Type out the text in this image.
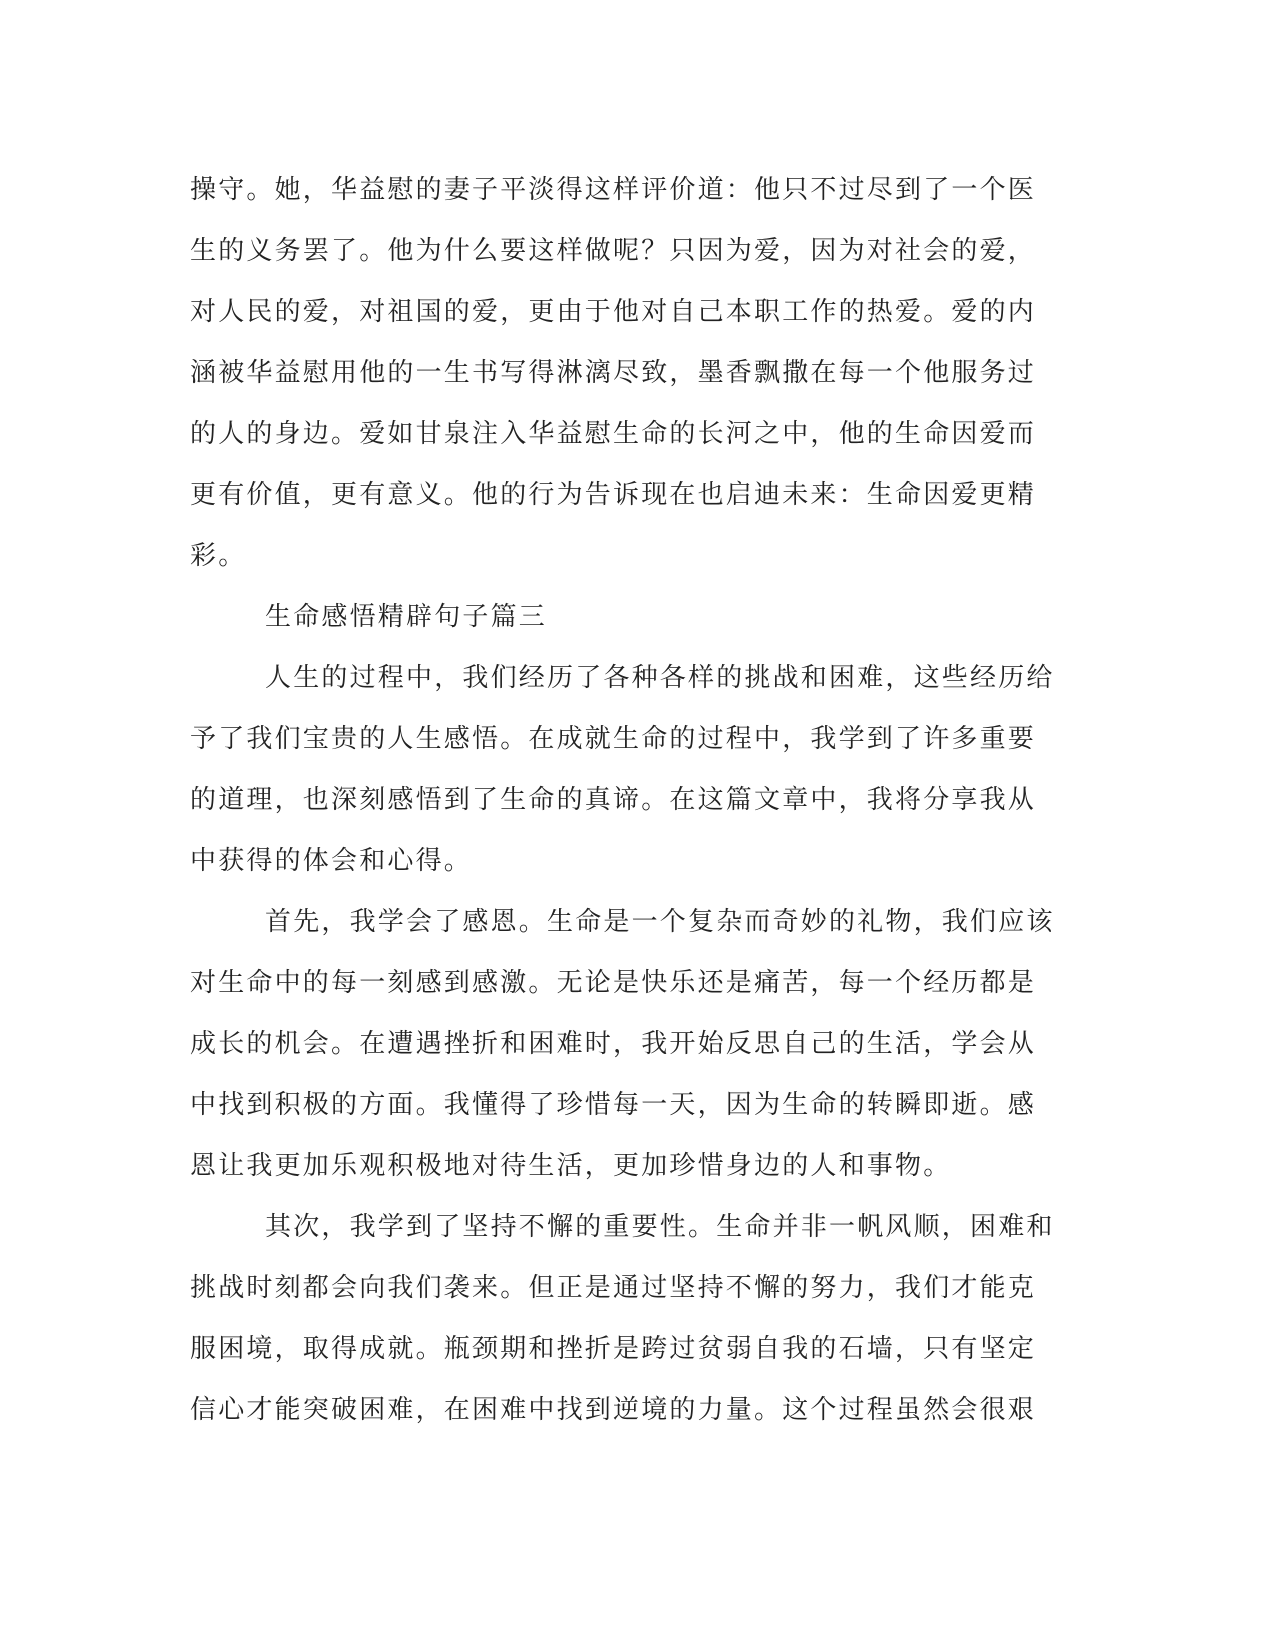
操守。她，华益慰的妻子平淡得这样评价道：他只不过尽到了一个医
生的义务罢了。他为什么要这样做呢？只因为爱，因为对社会的爱，
对人民的爱，对祖国的爱，更由于他对自己本职工作的热爱。爱的内
涵被华益慰用他的一生书写得淋漓尽致，墨香飘撒在每一个他服务过
的人的身边。爱如甘泉注入华益慰生命的长河之中，他的生命因爱而
更有价值，更有意义。他的行为告诉现在也启迪未来：生命因爱更精
彩。
生命感悟精辟句子篇三
人生的过程中，我们经历了各种各样的挑战和困难，这些经历给
予了我们宝贵的人生感悟。在成就生命的过程中，我学到了许多重要
的道理，也深刻感悟到了生命的真谛。在这篇文章中，我将分享我从
中获得的体会和心得。
首先，我学会了感恩。生命是一个复杂而奇妙的礼物，我们应该
对生命中的每一刻感到感激。无论是快乐还是痛苦，每一个经历都是
成长的机会。在遭遇挫折和困难时，我开始反思自己的生活，学会从
中找到积极的方面。我懂得了珍惜每一天，因为生命的转瞬即逝。感
恩让我更加乐观积极地对待生活，更加珍惜身边的人和事物。
其次，我学到了坚持不懈的重要性。生命并非一帆风顺，困难和
挑战时刻都会向我们袭来。但正是通过坚持不懈的努力，我们才能克
服困境，取得成就。瓶颈期和挫折是跨过贫弱自我的石墙，只有坚定
信心才能突破困难，在困难中找到逆境的力量。这个过程虽然会很艰
